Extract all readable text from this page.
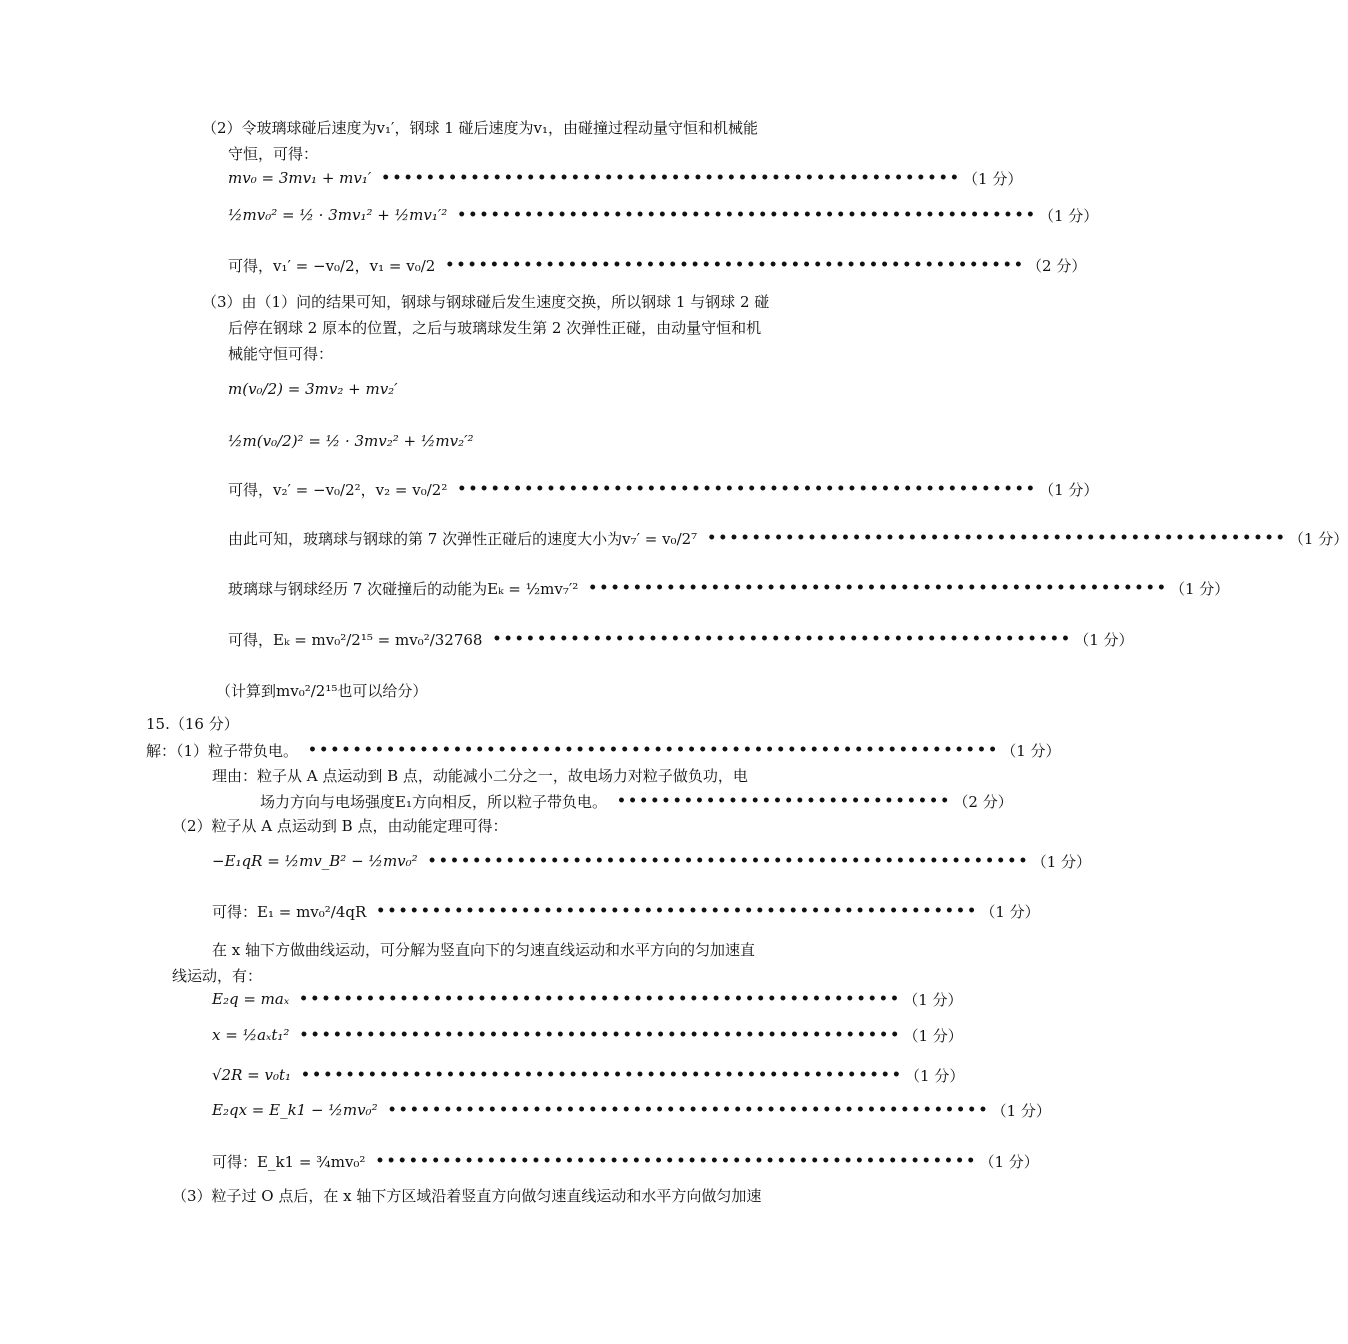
（2）令玻璃球碰后速度为v₁′，钢球 1 碰后速度为v₁，由碰撞过程动量守恒和机械能
守恒，可得：
mv₀ = 3mv₁ + mv₁′ •••••••••••••••••••••••••••••••••••••••••••••••••••• （1 分）
½mv₀² = ½ · 3mv₁² + ½mv₁′² •••••••••••••••••••••••••••••••••••••••••••••••••••• （1 分）
可得，v₁′ = −v₀/2，v₁ = v₀/2 •••••••••••••••••••••••••••••••••••••••••••••••••••• （2 分）
（3）由（1）问的结果可知，钢球与钢球碰后发生速度交换，所以钢球 1 与钢球 2 碰
后停在钢球 2 原本的位置，之后与玻璃球发生第 2 次弹性正碰，由动量守恒和机
械能守恒可得：
m(v₀/2) = 3mv₂ + mv₂′
½m(v₀/2)² = ½ · 3mv₂² + ½mv₂′²
可得，v₂′ = −v₀/2²，v₂ = v₀/2² •••••••••••••••••••••••••••••••••••••••••••••••••••• （1 分）
由此可知，玻璃球与钢球的第 7 次弹性正碰后的速度大小为v₇′ = v₀/2⁷ •••••••••••••••••••••••••••••••••••••••••••••••••••• （1 分）
玻璃球与钢球经历 7 次碰撞后的动能为Eₖ = ½mv₇′² •••••••••••••••••••••••••••••••••••••••••••••••••••• （1 分）
可得，Eₖ = mv₀²/2¹⁵ = mv₀²/32768 •••••••••••••••••••••••••••••••••••••••••••••••••••• （1 分）
（计算到mv₀²/2¹⁵也可以给分）
15.（16 分）
解：（1）粒子带负电。 •••••••••••••••••••••••••••••••••••••••••••••••••••••••••••••• （1 分）
理由：粒子从 A 点运动到 B 点，动能减小二分之一，故电场力对粒子做负功，电
场力方向与电场强度E₁方向相反，所以粒子带负电。 •••••••••••••••••••••••••••••• （2 分）
（2）粒子从 A 点运动到 B 点，由动能定理可得：
−E₁qR = ½mv_B² − ½mv₀² •••••••••••••••••••••••••••••••••••••••••••••••••••••• （1 分）
可得：E₁ = mv₀²/4qR •••••••••••••••••••••••••••••••••••••••••••••••••••••• （1 分）
在 x 轴下方做曲线运动，可分解为竖直向下的匀速直线运动和水平方向的匀加速直
线运动，有：
E₂q = maₓ •••••••••••••••••••••••••••••••••••••••••••••••••••••• （1 分）
x = ½aₓt₁² •••••••••••••••••••••••••••••••••••••••••••••••••••••• （1 分）
√2R = v₀t₁ •••••••••••••••••••••••••••••••••••••••••••••••••••••• （1 分）
E₂qx = E_k1 − ½mv₀² •••••••••••••••••••••••••••••••••••••••••••••••••••••• （1 分）
可得：E_k1 = ¾mv₀² •••••••••••••••••••••••••••••••••••••••••••••••••••••• （1 分）
（3）粒子过 O 点后，在 x 轴下方区域沿着竖直方向做匀速直线运动和水平方向做匀加速
